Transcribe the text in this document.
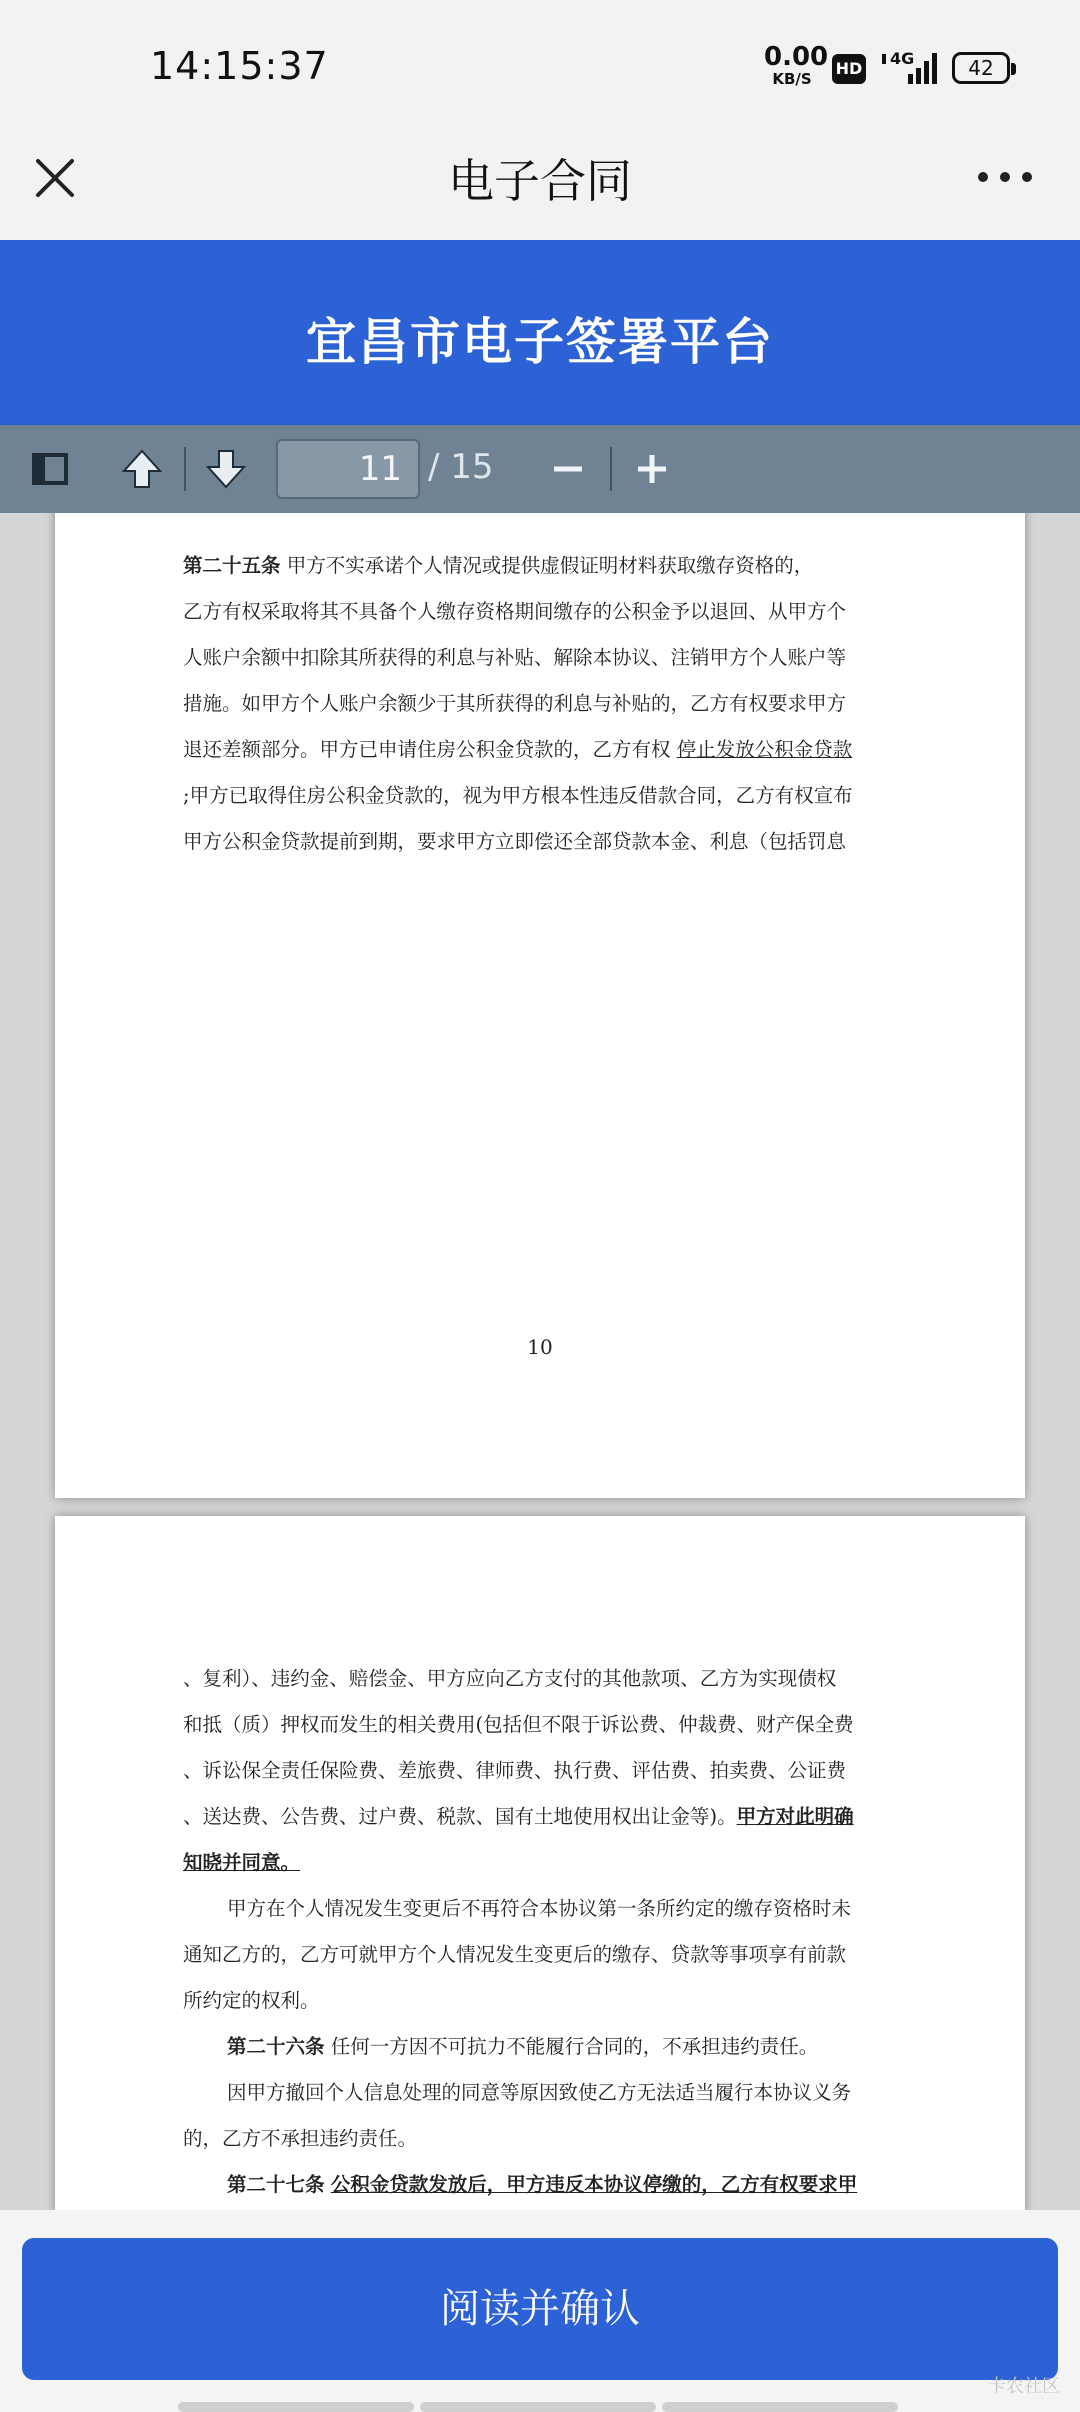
14:15:37	0.00
KB/S
HD
4G	42
电子合同
宜昌市电子签署平台
11 / 15
第二十五条 甲方不实承诺个人情况或提供虚假证明材料获取缴存资格的，
乙方有权采取将其不具备个人缴存资格期间缴存的公积金予以退回、从甲方个
人账户余额中扣除其所获得的利息与补贴、解除本协议、注销甲方个人账户等
措施。如甲方个人账户余额少于其所获得的利息与补贴的，乙方有权要求甲方
退还差额部分。甲方已申请住房公积金贷款的，乙方有权 停止发放公积金贷款
;甲方已取得住房公积金贷款的，视为甲方根本性违反借款合同，乙方有权宣布
甲方公积金贷款提前到期，要求甲方立即偿还全部贷款本金、利息（包括罚息
10
、复利）、违约金、赔偿金、甲方应向乙方支付的其他款项、乙方为实现债权
和抵（质）押权而发生的相关费用(包括但不限于诉讼费、仲裁费、财产保全费
、诉讼保全责任保险费、差旅费、律师费、执行费、评估费、拍卖费、公证费
、送达费、公告费、过户费、税款、国有土地使用权出让金等)。甲方对此明确
知晓并同意。
甲方在个人情况发生变更后不再符合本协议第一条所约定的缴存资格时未
通知乙方的，乙方可就甲方个人情况发生变更后的缴存、贷款等事项享有前款
所约定的权利。
第二十六条 任何一方因不可抗力不能履行合同的，不承担违约责任。
因甲方撤回个人信息处理的同意等原因致使乙方无法适当履行本协议义务
的，乙方不承担违约责任。
第二十七条 公积金贷款发放后，甲方违反本协议停缴的，乙方有权要求甲
阅读并确认
卡农社区
